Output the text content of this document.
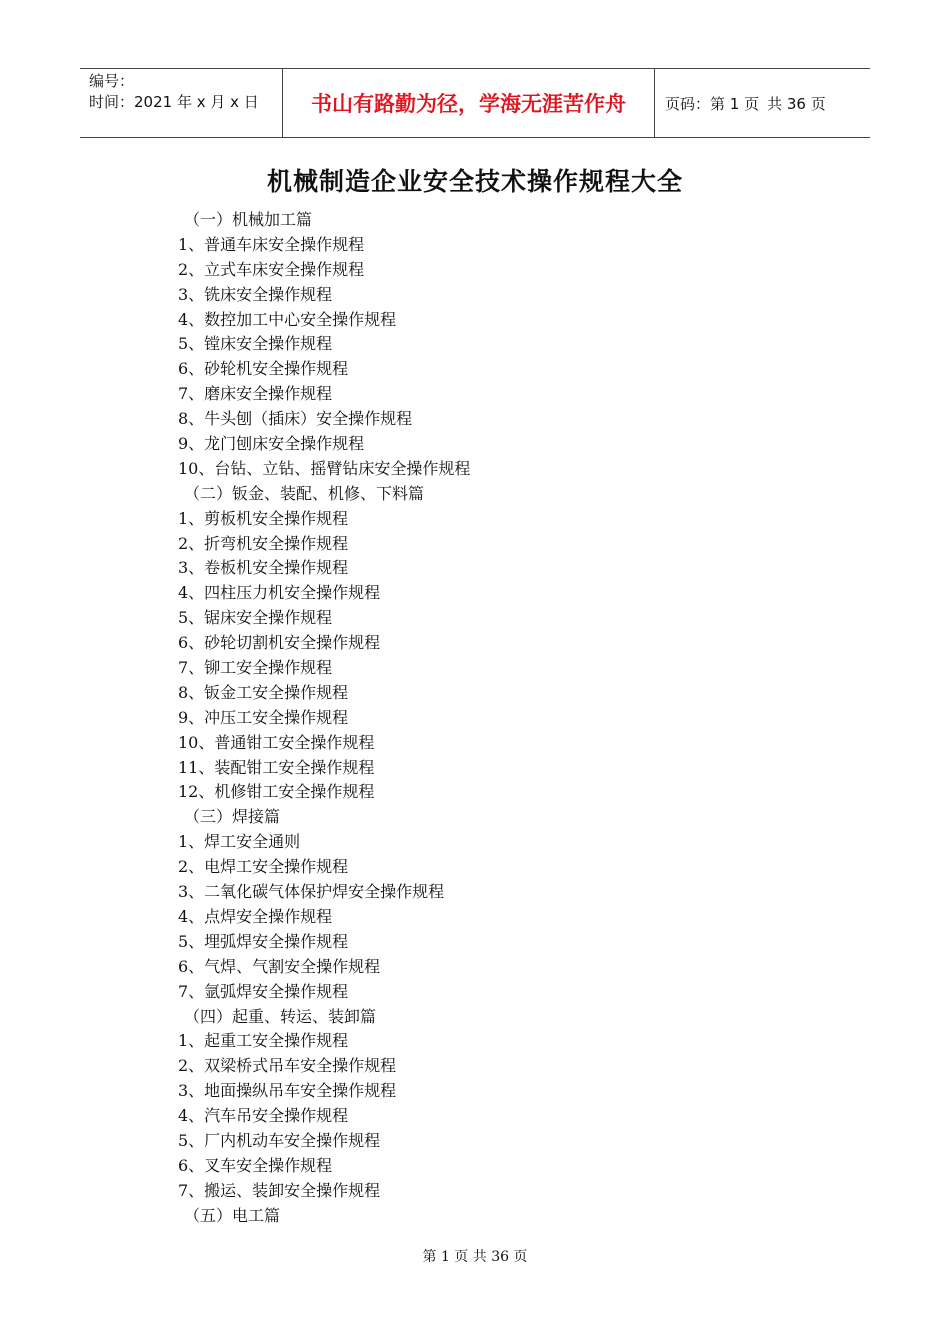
编号：
时间：2021 年 x 月 x 日	书山有路勤为径，学海无涯苦作舟	页码：第 1 页 共 36 页
机械制造企业安全技术操作规程大全
（一）机械加工篇
1、普通车床安全操作规程
2、立式车床安全操作规程
3、铣床安全操作规程
4、数控加工中心安全操作规程
5、镗床安全操作规程
6、砂轮机安全操作规程
7、磨床安全操作规程
8、牛头刨（插床）安全操作规程
9、龙门刨床安全操作规程
10、台钻、立钻、摇臂钻床安全操作规程
（二）钣金、装配、机修、下料篇
1、剪板机安全操作规程
2、折弯机安全操作规程
3、卷板机安全操作规程
4、四柱压力机安全操作规程
5、锯床安全操作规程
6、砂轮切割机安全操作规程
7、铆工安全操作规程
8、钣金工安全操作规程
9、冲压工安全操作规程
10、普通钳工安全操作规程
11、装配钳工安全操作规程
12、机修钳工安全操作规程
（三）焊接篇
1、焊工安全通则
2、电焊工安全操作规程
3、二氧化碳气体保护焊安全操作规程
4、点焊安全操作规程
5、埋弧焊安全操作规程
6、气焊、气割安全操作规程
7、氩弧焊安全操作规程
（四）起重、转运、装卸篇
1、起重工安全操作规程
2、双梁桥式吊车安全操作规程
3、地面操纵吊车安全操作规程
4、汽车吊安全操作规程
5、厂内机动车安全操作规程
6、叉车安全操作规程
7、搬运、装卸安全操作规程
（五）电工篇
第 1 页 共 36 页
